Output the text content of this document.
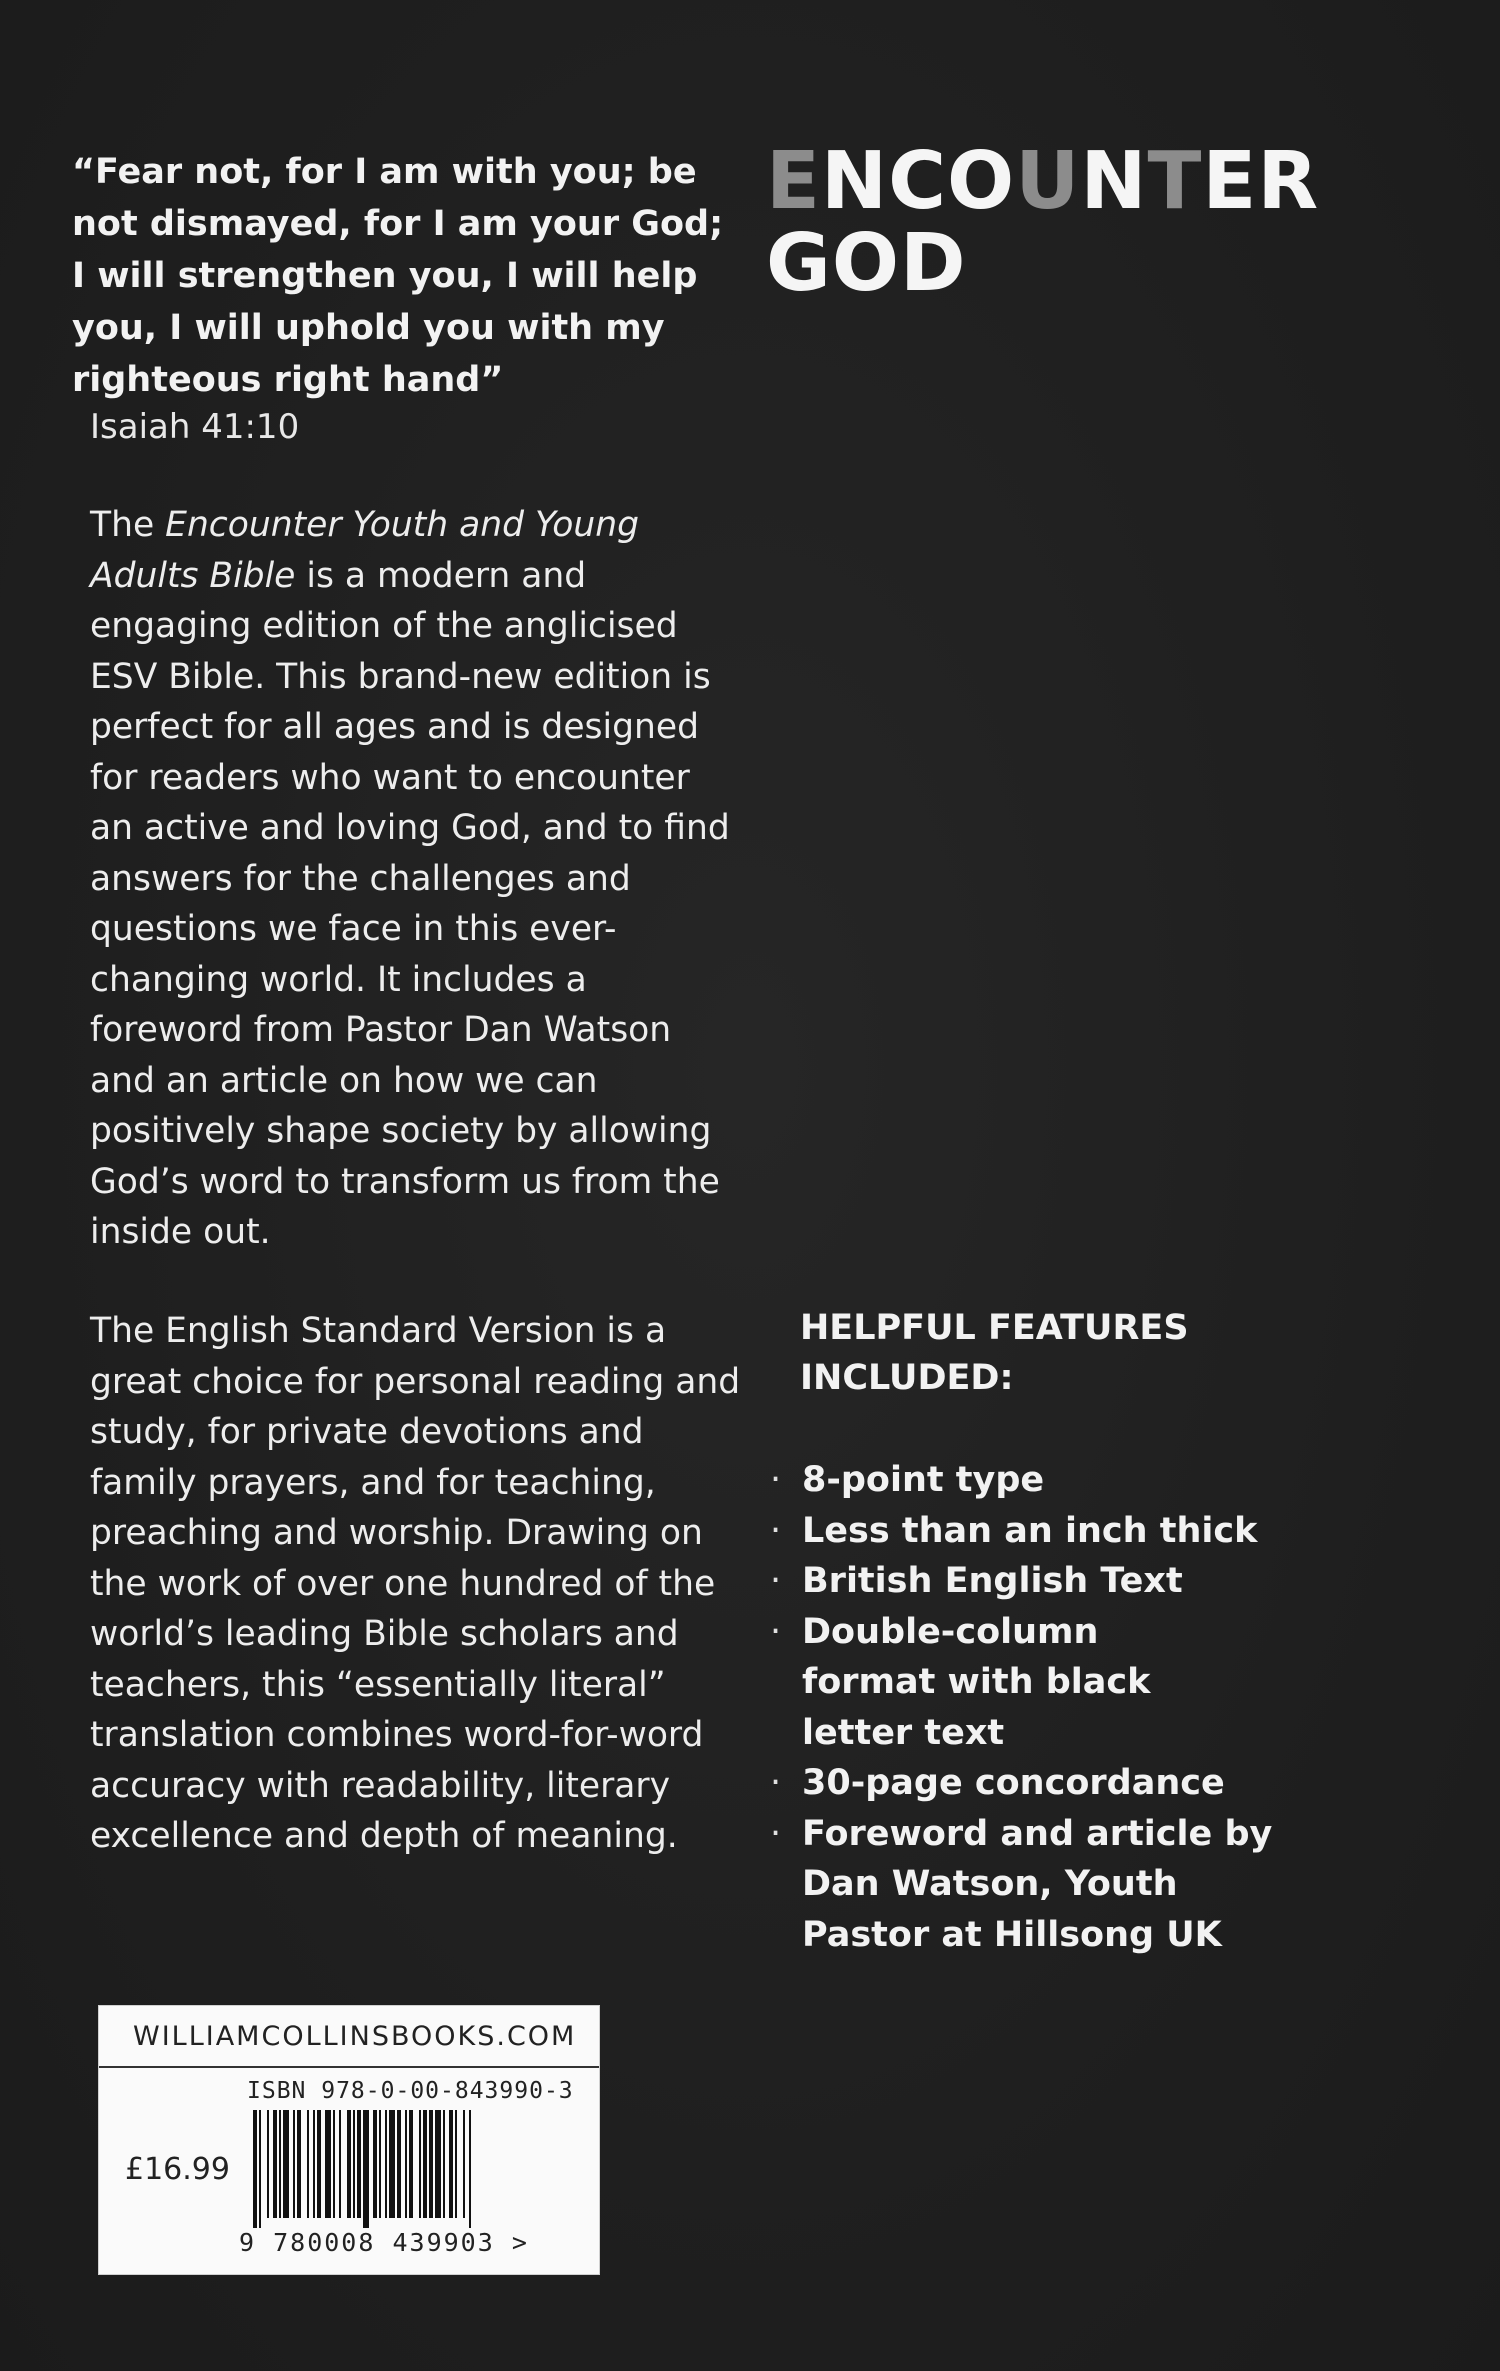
“Fear not, for I am with you; be not dismayed, for I am your God; I will strengthen you, I will help you, I will uphold you with my righteous right hand”
Isaiah 41:10
The Encounter Youth and Young Adults Bible is a modern and engaging edition of the anglicised ESV Bible. This brand-new edition is perfect for all ages and is designed for readers who want to encounter an active and loving God, and to find answers for the challenges and questions we face in this ever-changing world. It includes a foreword from Pastor Dan Watson and an article on how we can positively shape society by allowing God’s word to transform us from the inside out.
The English Standard Version is a great choice for personal reading and study, for private devotions and family prayers, and for teaching, preaching and worship. Drawing on the work of over one hundred of the world’s leading Bible scholars and teachers, this “essentially literal” translation combines word-for-word accuracy with readability, literary excellence and depth of meaning.
ENCOUNTER
GOD
HELPFUL FEATURES INCLUDED:
· 8-point type
· Less than an inch thick
· British English Text
· Double-column format with black letter text
· 30-page concordance
· Foreword and article by Dan Watson, Youth Pastor at Hillsong UK
WILLIAMCOLLINSBOOKS.COM
ISBN 978-0-00-843990-3
£16.99
9 780008 439903 >
